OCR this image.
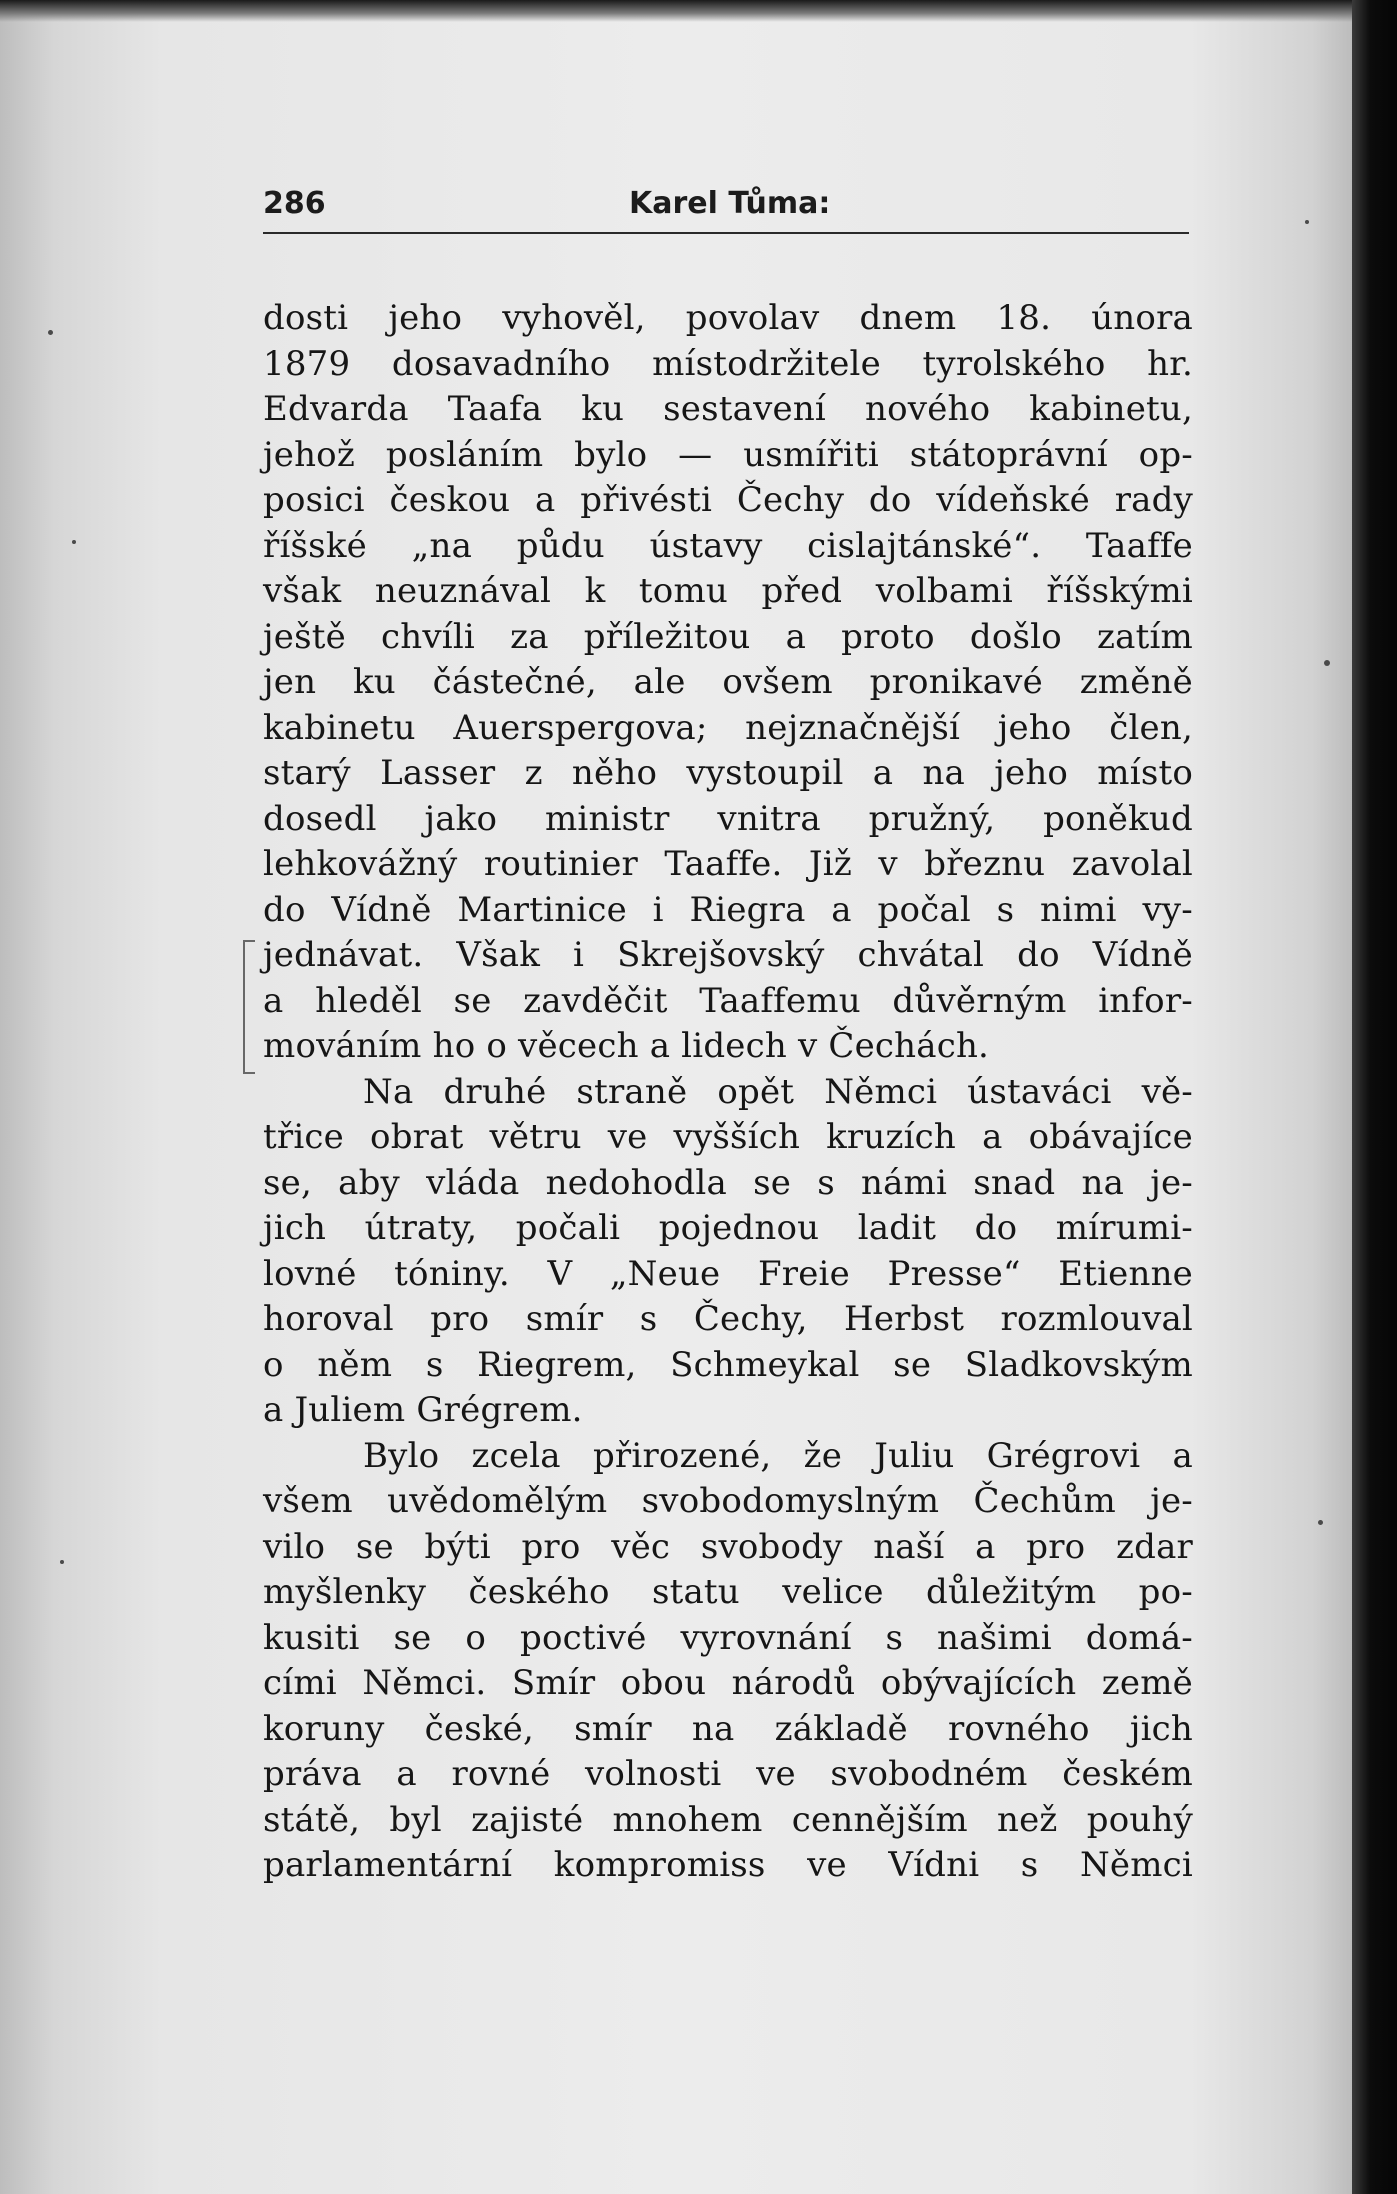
286	Karel Tůma:
dosti jeho vyhověl, povolav dnem 18. února
1879 dosavadního místodržitele tyrolského hr.
Edvarda Taafa ku sestavení nového kabinetu,
jehož posláním bylo — usmířiti státoprávní op-
posici českou a přivésti Čechy do vídeňské rady
říšské „na půdu ústavy cislajtánské“. Taaffe
však neuznával k tomu před volbami říšskými
ještě chvíli za příležitou a proto došlo zatím
jen ku částečné, ale ovšem pronikavé změně
kabinetu Auerspergova; nejznačnější jeho člen,
starý Lasser z něho vystoupil a na jeho místo
dosedl jako ministr vnitra pružný, poněkud
lehkovážný routinier Taaffe. Již v březnu zavolal
do Vídně Martinice i Riegra a počal s nimi vy-
jednávat. Však i Skrejšovský chvátal do Vídně
a hleděl se zavděčit Taaffemu důvěrným infor-
mováním ho o věcech a lidech v Čechách.
Na druhé straně opět Němci ústaváci vě-
třice obrat větru ve vyšších kruzích a obávajíce
se, aby vláda nedohodla se s námi snad na je-
jich útraty, počali pojednou ladit do mírumi-
lovné tóniny. V „Neue Freie Presse“ Etienne
horoval pro smír s Čechy, Herbst rozmlouval
o něm s Riegrem, Schmeykal se Sladkovským
a Juliem Grégrem.
Bylo zcela přirozené, že Juliu Grégrovi a
všem uvědomělým svobodomyslným Čechům je-
vilo se býti pro věc svobody naší a pro zdar
myšlenky českého statu velice důležitým po-
kusiti se o poctivé vyrovnání s našimi domá-
cími Němci. Smír obou národů obývajících země
koruny české, smír na základě rovného jich
práva a rovné volnosti ve svobodném českém
státě, byl zajisté mnohem cennějším než pouhý
parlamentární kompromiss ve Vídni s Němci
